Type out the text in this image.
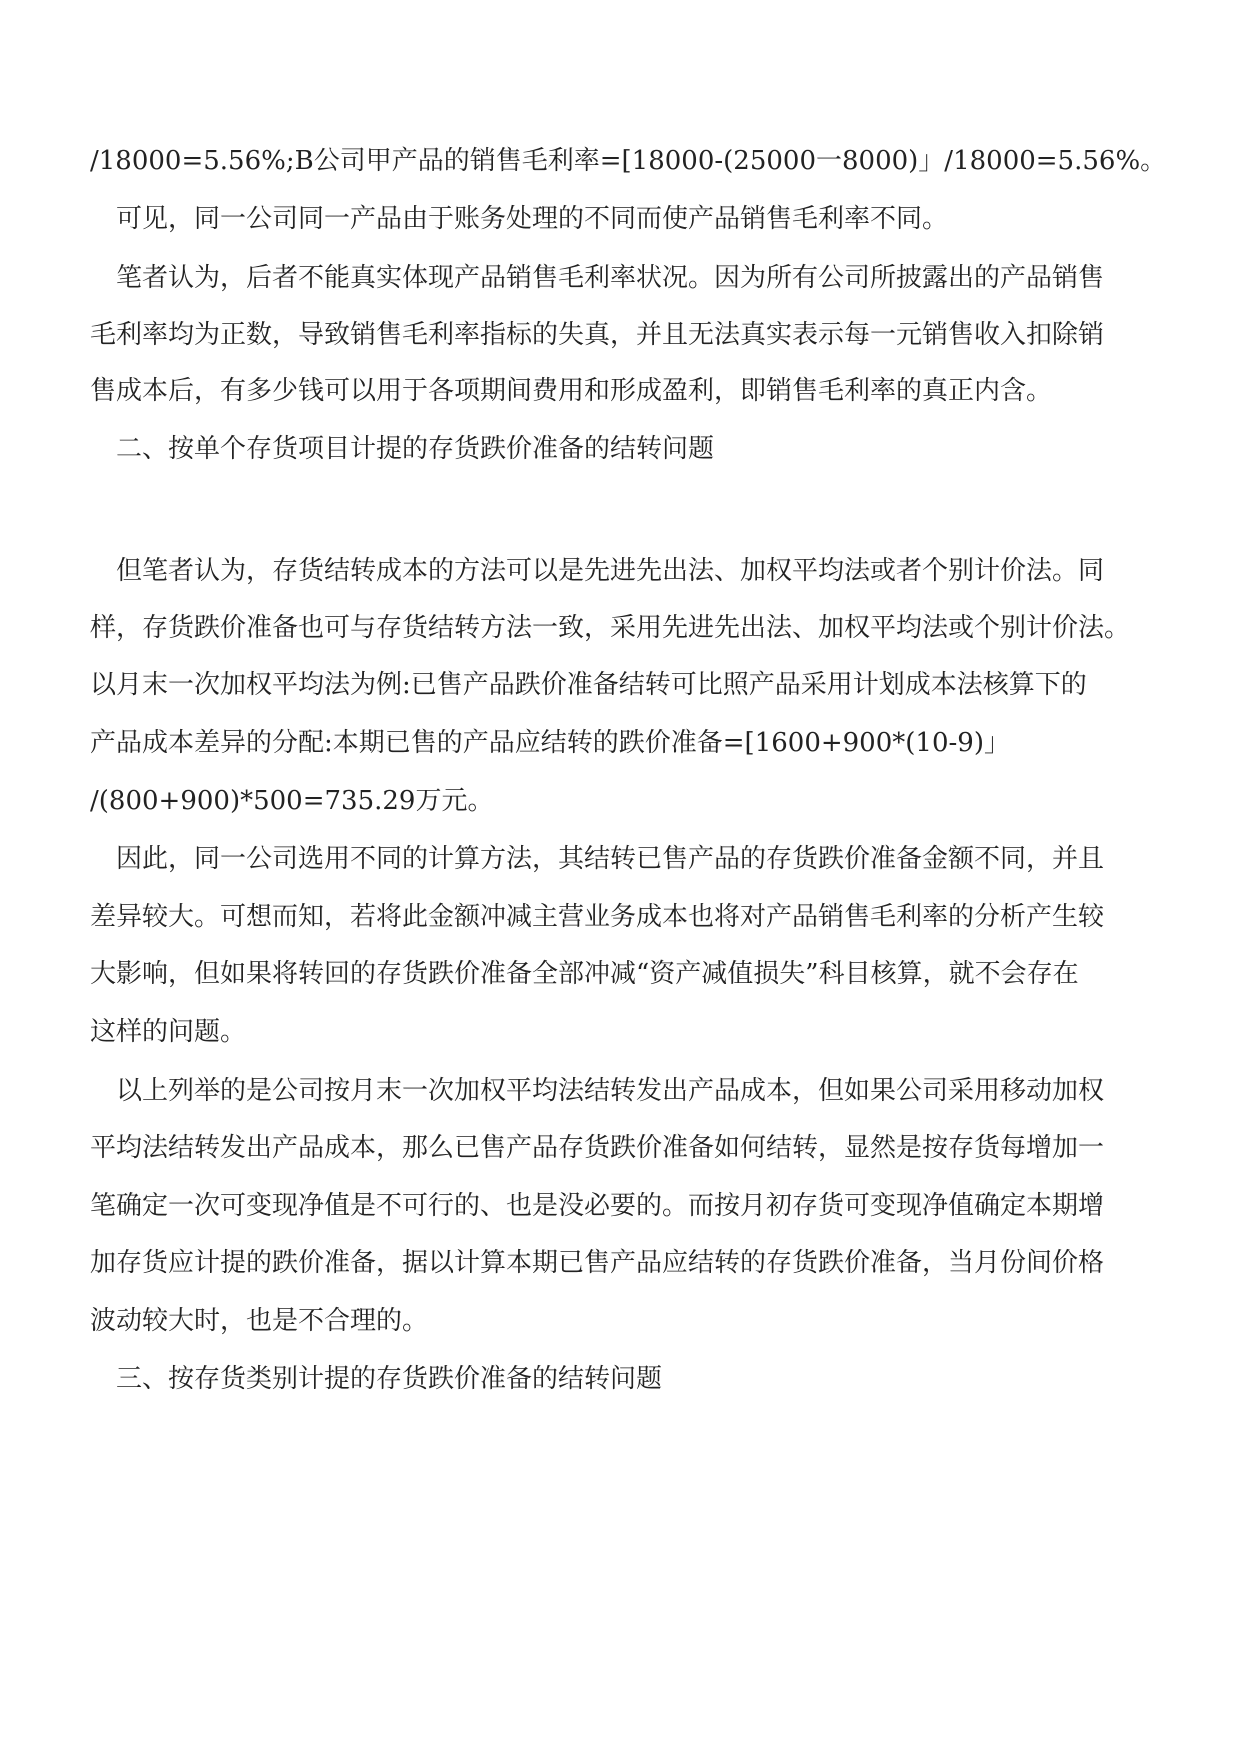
/18000=5.56%;B公司甲产品的销售毛利率=[18000-(25000一8000)」/18000=5.56%。
可见，同一公司同一产品由于账务处理的不同而使产品销售毛利率不同。
笔者认为，后者不能真实体现产品销售毛利率状况。因为所有公司所披露出的产品销售
毛利率均为正数，导致销售毛利率指标的失真，并且无法真实表示每一元销售收入扣除销
售成本后，有多少钱可以用于各项期间费用和形成盈利，即销售毛利率的真正内含。
二、按单个存货项目计提的存货跌价准备的结转问题
但笔者认为，存货结转成本的方法可以是先进先出法、加权平均法或者个别计价法。同
样，存货跌价准备也可与存货结转方法一致，采用先进先出法、加权平均法或个别计价法。
以月末一次加权平均法为例:已售产品跌价准备结转可比照产品采用计划成本法核算下的
产品成本差异的分配:本期已售的产品应结转的跌价准备=[1600+900*(10-9)」
/(800+900)*500=735.29万元。
因此，同一公司选用不同的计算方法，其结转已售产品的存货跌价准备金额不同，并且
差异较大。可想而知，若将此金额冲减主营业务成本也将对产品销售毛利率的分析产生较
大影响，但如果将转回的存货跌价准备全部冲减“资产减值损失”科目核算，就不会存在
这样的问题。
以上列举的是公司按月末一次加权平均法结转发出产品成本，但如果公司采用移动加权
平均法结转发出产品成本，那么已售产品存货跌价准备如何结转，显然是按存货每增加一
笔确定一次可变现净值是不可行的、也是没必要的。而按月初存货可变现净值确定本期增
加存货应计提的跌价准备，据以计算本期已售产品应结转的存货跌价准备，当月份间价格
波动较大时，也是不合理的。
三、按存货类别计提的存货跌价准备的结转问题
